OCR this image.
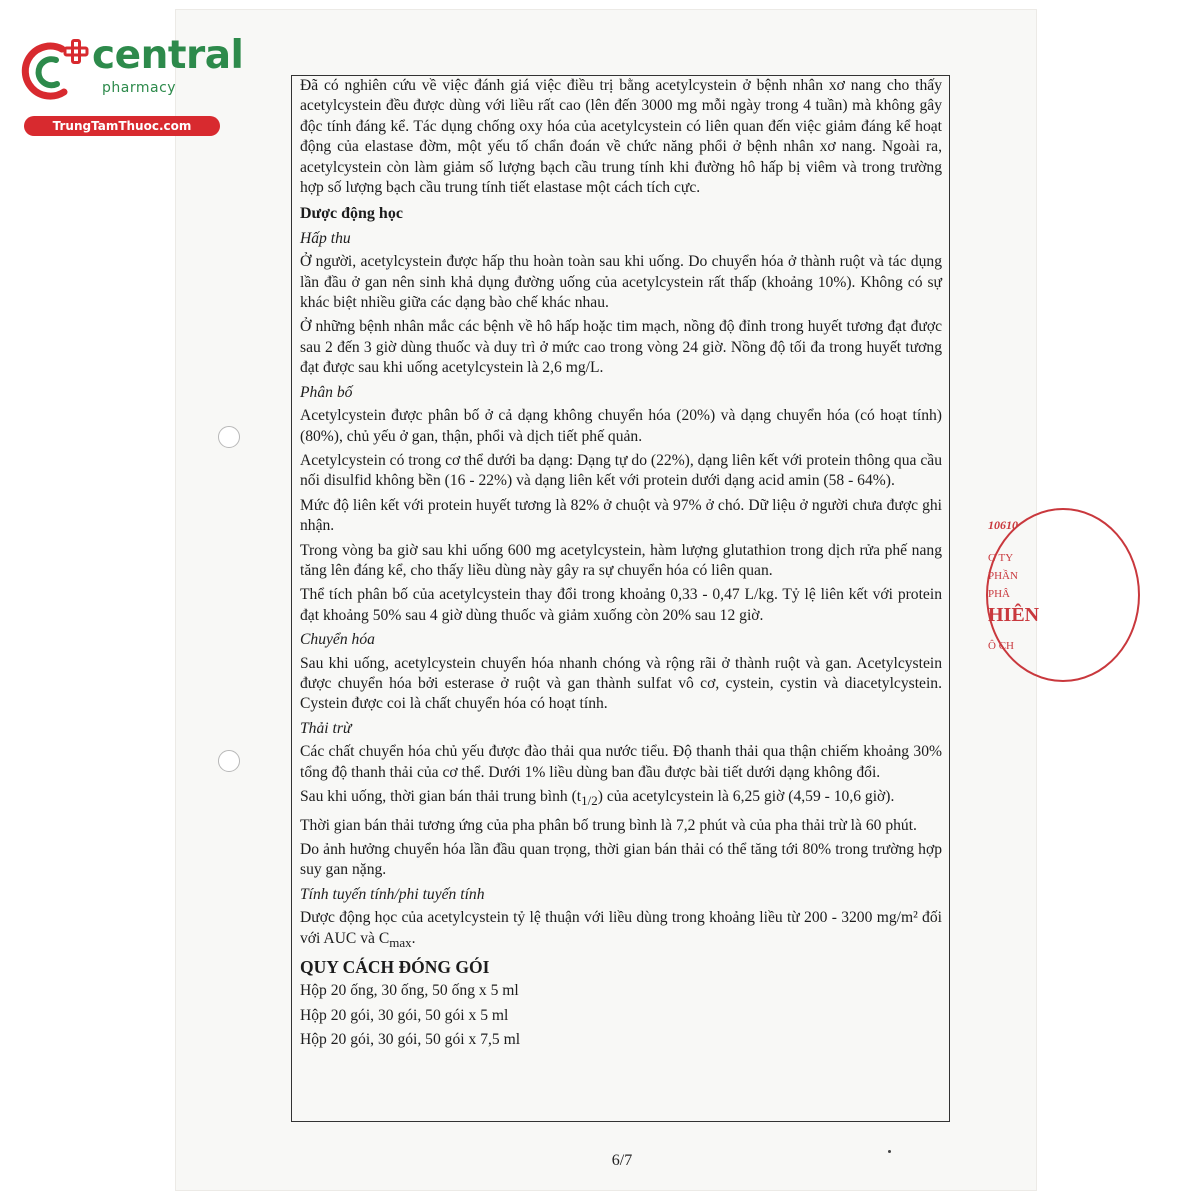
central

pharmacy

TrungTamThuoc.com
10610
G TY
PHẦN
PHÂ
HIÊN
Ô CH

Đã có nghiên cứu về việc đánh giá việc điều trị bằng acetylcystein ở bệnh nhân xơ nang cho thấy acetylcystein đều được dùng với liều rất cao (lên đến 3000 mg mỗi ngày trong 4 tuần) mà không gây độc tính đáng kể. Tác dụng chống oxy hóa của acetylcystein có liên quan đến việc giảm đáng kể hoạt động của elastase đờm, một yếu tố chẩn đoán về chức năng phổi ở bệnh nhân xơ nang. Ngoài ra, acetylcystein còn làm giảm số lượng bạch cầu trung tính khi đường hô hấp bị viêm và trong trường hợp số lượng bạch cầu trung tính tiết elastase một cách tích cực.

Dược động học
Hấp thu

Ở người, acetylcystein được hấp thu hoàn toàn sau khi uống. Do chuyển hóa ở thành ruột và tác dụng lần đầu ở gan nên sinh khả dụng đường uống của acetylcystein rất thấp (khoảng 10%). Không có sự khác biệt nhiều giữa các dạng bào chế khác nhau.

Ở những bệnh nhân mắc các bệnh về hô hấp hoặc tim mạch, nồng độ đỉnh trong huyết tương đạt được sau 2 đến 3 giờ dùng thuốc và duy trì ở mức cao trong vòng 24 giờ. Nồng độ tối đa trong huyết tương đạt được sau khi uống acetylcystein là 2,6 mg/L.

Phân bố

Acetylcystein được phân bố ở cả dạng không chuyển hóa (20%) và dạng chuyển hóa (có hoạt tính) (80%), chủ yếu ở gan, thận, phổi và dịch tiết phế quản.

Acetylcystein có trong cơ thể dưới ba dạng: Dạng tự do (22%), dạng liên kết với protein thông qua cầu nối disulfid không bền (16 - 22%) và dạng liên kết với protein dưới dạng acid amin (58 - 64%).

Mức độ liên kết với protein huyết tương là 82% ở chuột và 97% ở chó. Dữ liệu ở người chưa được ghi nhận.

Trong vòng ba giờ sau khi uống 600 mg acetylcystein, hàm lượng glutathion trong dịch rửa phế nang tăng lên đáng kể, cho thấy liều dùng này gây ra sự chuyển hóa có liên quan.

Thể tích phân bố của acetylcystein thay đổi trong khoảng 0,33 - 0,47 L/kg. Tỷ lệ liên kết với protein đạt khoảng 50% sau 4 giờ dùng thuốc và giảm xuống còn 20% sau 12 giờ.

Chuyển hóa

Sau khi uống, acetylcystein chuyển hóa nhanh chóng và rộng rãi ở thành ruột và gan. Acetylcystein được chuyển hóa bởi esterase ở ruột và gan thành sulfat vô cơ, cystein, cystin và diacetylcystein. Cystein được coi là chất chuyển hóa có hoạt tính.

Thải trừ

Các chất chuyển hóa chủ yếu được đào thải qua nước tiểu. Độ thanh thải qua thận chiếm khoảng 30% tổng độ thanh thải của cơ thể. Dưới 1% liều dùng ban đầu được bài tiết dưới dạng không đổi.

Sau khi uống, thời gian bán thải trung bình $(t_{1/2})$ của acetylcystein là 6,25 giờ (4,59 - 10,6 giờ).

Thời gian bán thải tương ứng của pha phân bố trung bình là 7,2 phút và của pha thải trừ là 60 phút.

Do ảnh hưởng chuyển hóa lần đầu quan trọng, thời gian bán thải có thể tăng tới 80% trong trường hợp suy gan nặng.

Tính tuyến tính/phi tuyến tính

Dược động học của acetylcystein tỷ lệ thuận với liều dùng trong khoảng liều từ 200 - 3200 mg/m² đối với AUC và $C_{max}$.

QUY CÁCH ĐÓNG GÓI

Hộp 20 ống, 30 ống, 50 ống x 5 ml

Hộp 20 gói, 30 gói, 50 gói x 5 ml

Hộp 20 gói, 30 gói, 50 gói x 7,5 ml

6/7
